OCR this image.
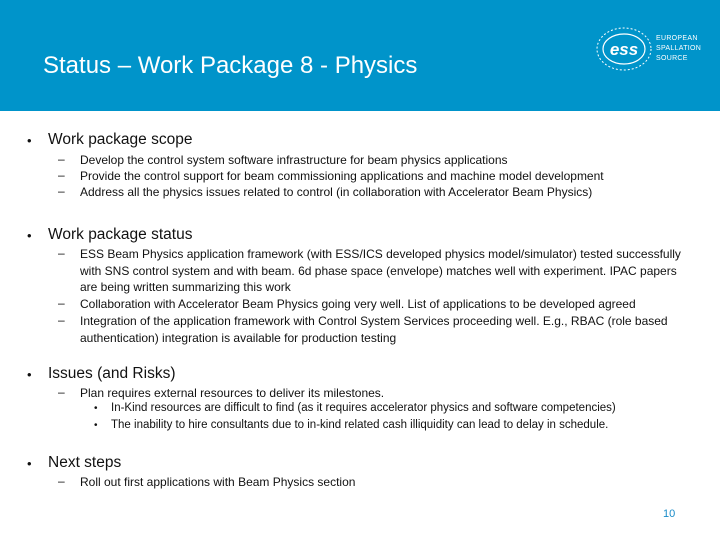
Status – Work Package 8 - Physics
ess
EUROPEAN
SPALLATION
SOURCE
• Work package scope
– Develop the control system software infrastructure for beam physics applications
– Provide the control support for beam commissioning applications and machine model development
– Address all the physics issues related to control (in collaboration with Accelerator Beam Physics)
• Work package status
– ESS Beam Physics application framework (with ESS/ICS developed physics model/simulator) tested successfully with SNS control system and with beam. 6d phase space (envelope) matches well with experiment. IPAC papers are being written summarizing this work
– Collaboration with Accelerator Beam Physics going very well. List of applications to be developed agreed
– Integration of the application framework with Control System Services proceeding well. E.g., RBAC (role based authentication) integration is available for production testing
• Issues (and Risks)
– Plan requires external resources to deliver its milestones.
• In-Kind resources are difficult to find (as it requires accelerator physics and software competencies)
• The inability to hire consultants due to in-kind related cash illiquidity can lead to delay in schedule.
• Next steps
– Roll out first applications with Beam Physics section
10
